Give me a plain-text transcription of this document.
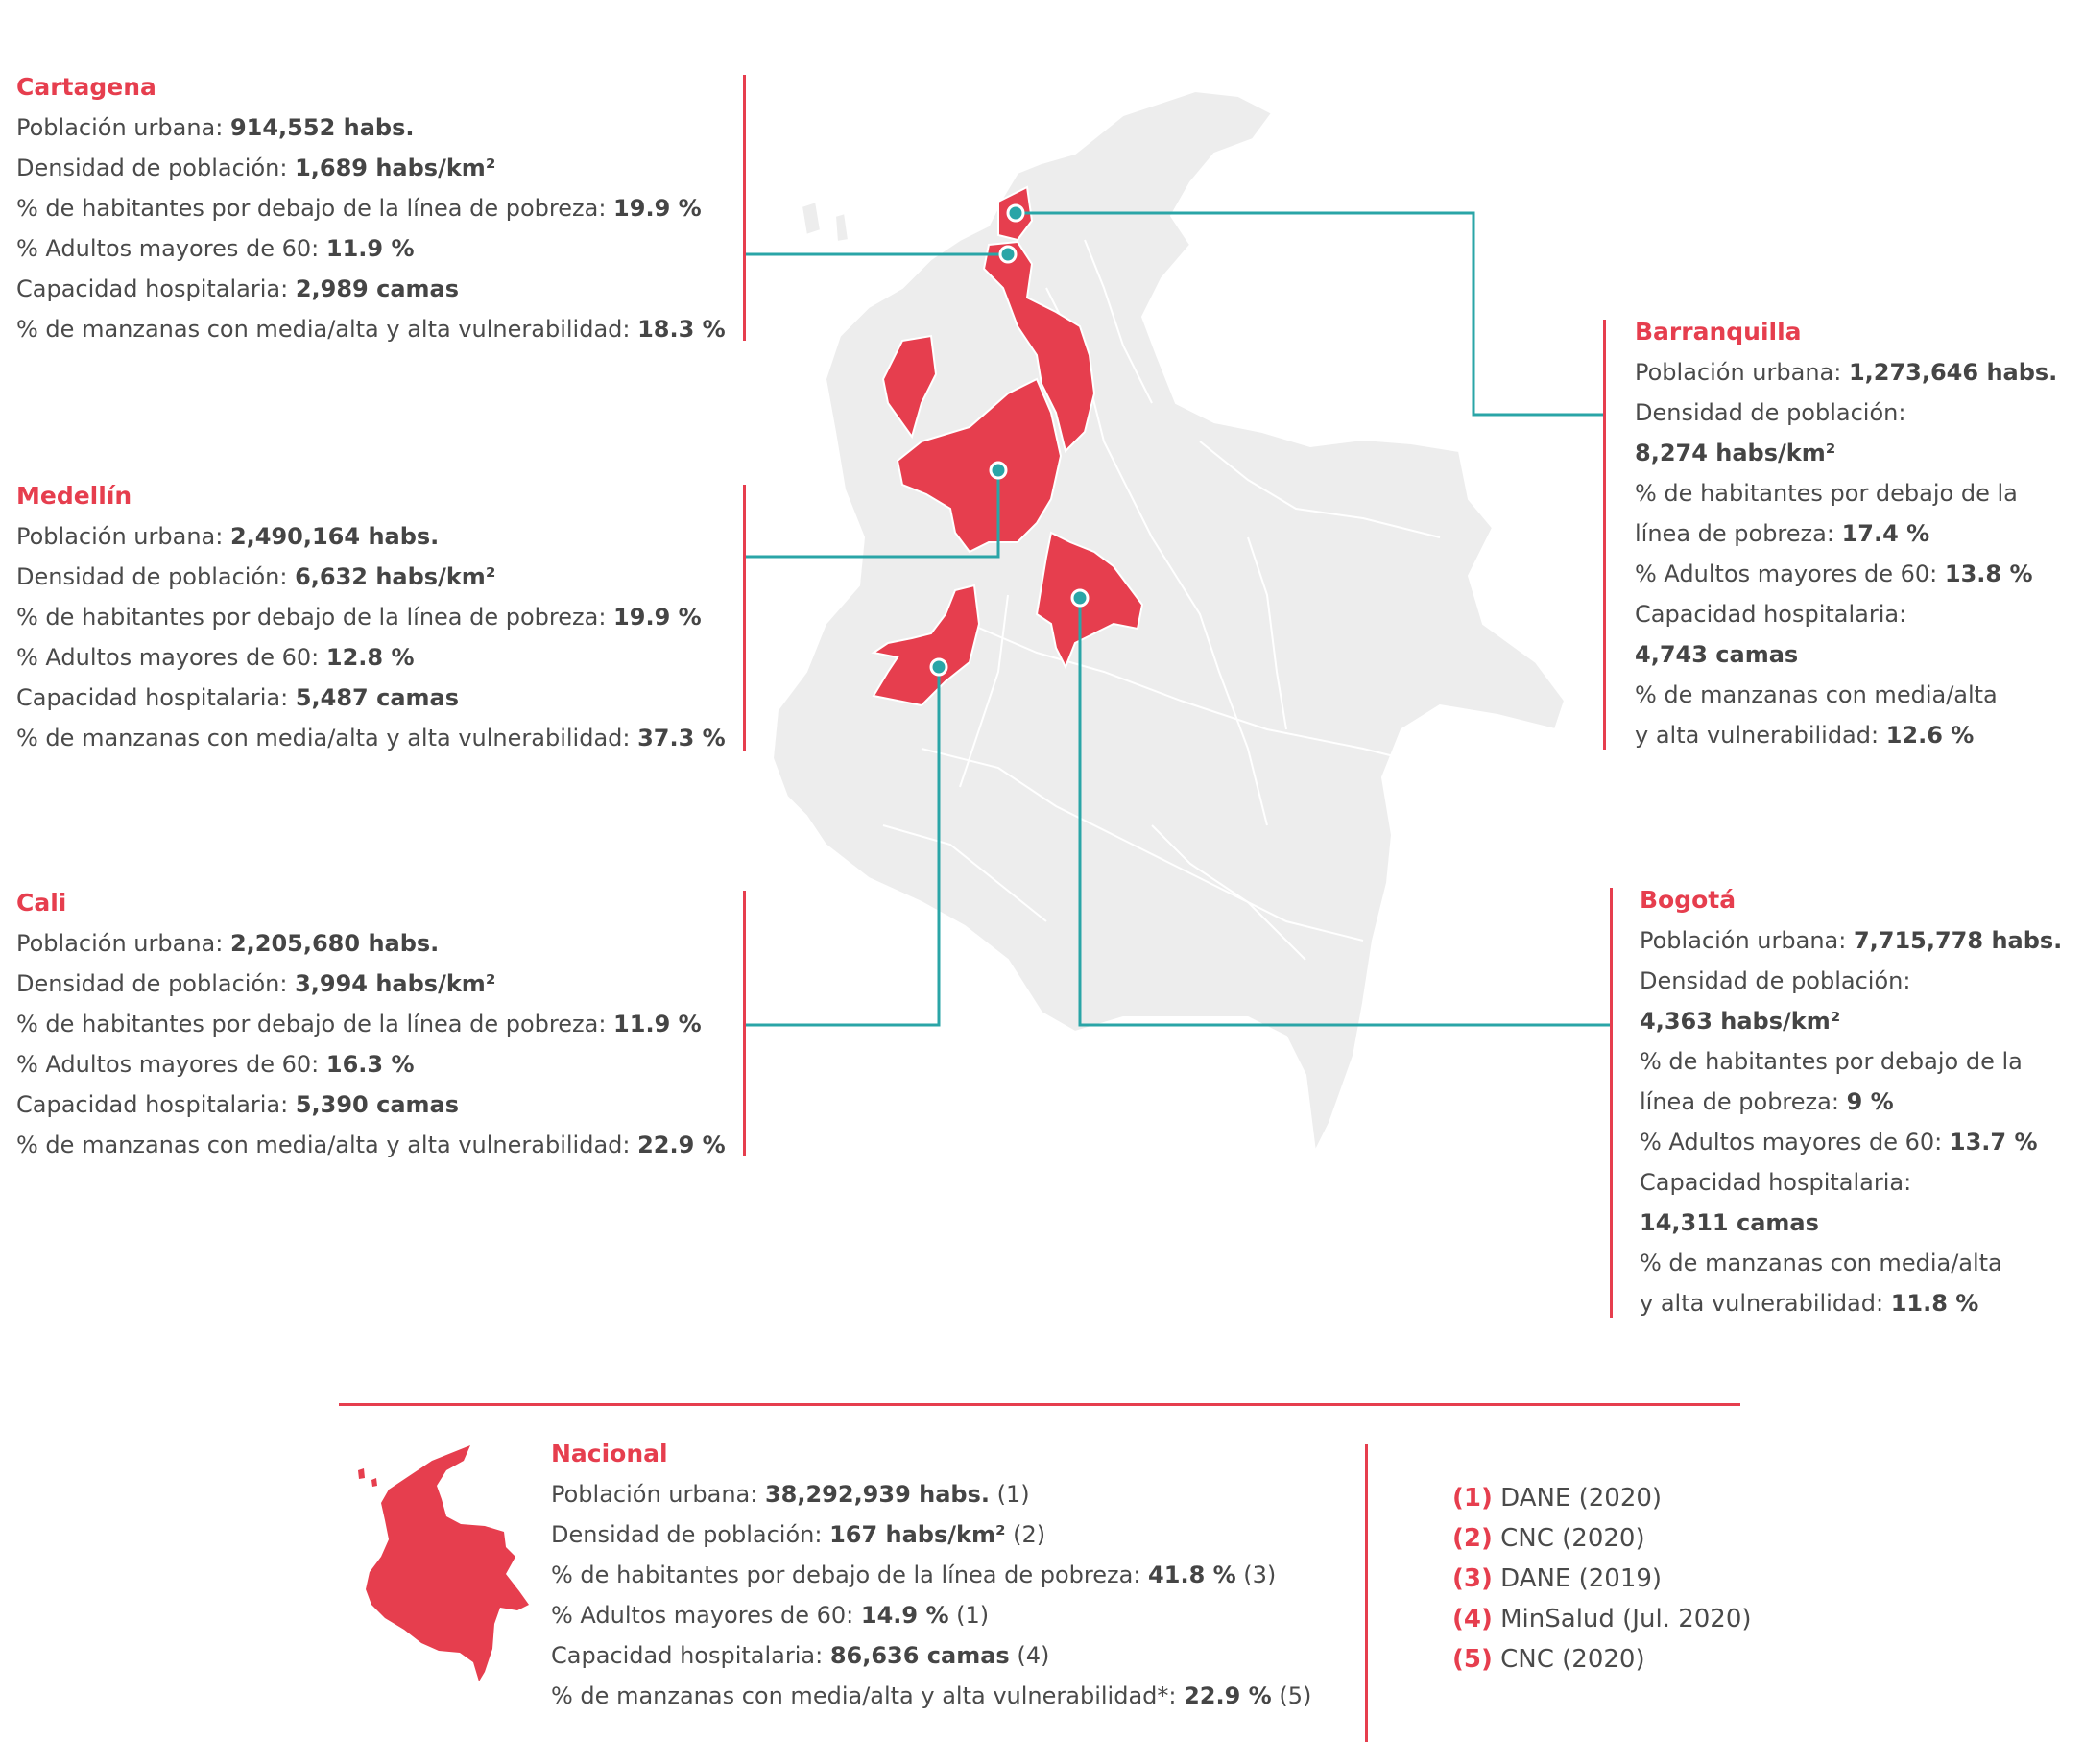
Cartagena
Población urbana: 914,552 habs.
Densidad de población: 1,689 habs/km²
% de habitantes por debajo de la línea de pobreza: 19.9 %
% Adultos mayores de 60: 11.9 %
Capacidad hospitalaria: 2,989 camas
% de manzanas con media/alta y alta vulnerabilidad: 18.3 %
Medellín
Población urbana: 2,490,164 habs.
Densidad de población: 6,632 habs/km²
% de habitantes por debajo de la línea de pobreza: 19.9 %
% Adultos mayores de 60: 12.8 %
Capacidad hospitalaria: 5,487 camas
% de manzanas con media/alta y alta vulnerabilidad: 37.3 %
Cali
Población urbana: 2,205,680 habs.
Densidad de población: 3,994 habs/km²
% de habitantes por debajo de la línea de pobreza: 11.9 %
% Adultos mayores de 60: 16.3 %
Capacidad hospitalaria: 5,390 camas
% de manzanas con media/alta y alta vulnerabilidad: 22.9 %
Barranquilla
Población urbana: 1,273,646 habs.
Densidad de población:
8,274 habs/km²
% de habitantes por debajo de la
línea de pobreza: 17.4 %
% Adultos mayores de 60: 13.8 %
Capacidad hospitalaria:
4,743 camas
% de manzanas con media/alta
y alta vulnerabilidad: 12.6 %
Bogotá
Población urbana: 7,715,778 habs.
Densidad de población:
4,363 habs/km²
% de habitantes por debajo de la
línea de pobreza: 9 %
% Adultos mayores de 60: 13.7 %
Capacidad hospitalaria:
14,311 camas
% de manzanas con media/alta
y alta vulnerabilidad: 11.8 %
Nacional
Población urbana: 38,292,939 habs. (1)
Densidad de población: 167 habs/km² (2)
% de habitantes por debajo de la línea de pobreza: 41.8 % (3)
% Adultos mayores de 60: 14.9 % (1)
Capacidad hospitalaria: 86,636 camas (4)
% de manzanas con media/alta y alta vulnerabilidad*: 22.9 % (5)
(1) DANE (2020)
(2) CNC (2020)
(3) DANE (2019)
(4) MinSalud (Jul. 2020)
(5) CNC (2020)
